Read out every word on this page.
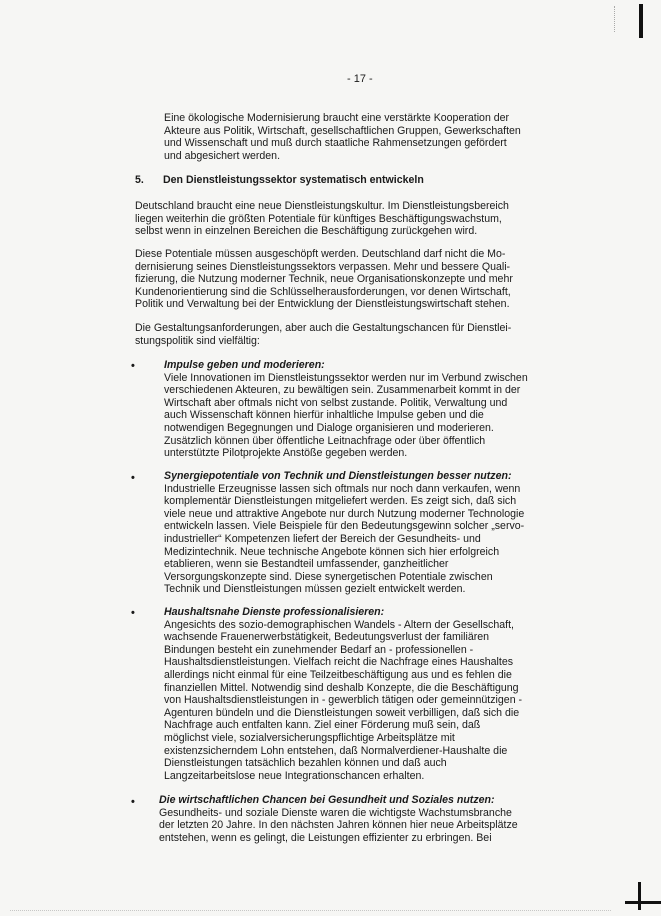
- 17 -
Eine ökologische Modernisierung braucht eine verstärkte Kooperation der
Akteure aus Politik, Wirtschaft, gesellschaftlichen Gruppen, Gewerkschaften
und Wissenschaft und muß durch staatliche Rahmensetzungen gefördert
und abgesichert werden.
5. Den Dienstleistungssektor systematisch entwickeln
Deutschland braucht eine neue Dienstleistungskultur. Im Dienstleistungsbereich
liegen weiterhin die größten Potentiale für künftiges Beschäftigungswachstum,
selbst wenn in einzelnen Bereichen die Beschäftigung zurückgehen wird.
Diese Potentiale müssen ausgeschöpft werden. Deutschland darf nicht die Mo-
dernisierung seines Dienstleistungssektors verpassen. Mehr und bessere Quali-
fizierung, die Nutzung moderner Technik, neue Organisationskonzepte und mehr
Kundenorientierung sind die Schlüsselherausforderungen, vor denen Wirtschaft,
Politik und Verwaltung bei der Entwicklung der Dienstleistungswirtschaft stehen.
Die Gestaltungsanforderungen, aber auch die Gestaltungschancen für Dienstlei-
stungspolitik sind vielfältig:
•	Impulse geben und moderieren:
Viele Innovationen im Dienstleistungssektor werden nur im Verbund zwischen
verschiedenen Akteuren, zu bewältigen sein. Zusammenarbeit kommt in der
Wirtschaft aber oftmals nicht von selbst zustande. Politik, Verwaltung und
auch Wissenschaft können hierfür inhaltliche Impulse geben und die
notwendigen Begegnungen und Dialoge organisieren und moderieren.
Zusätzlich können über öffentliche Leitnachfrage oder über öffentlich
unterstützte Pilotprojekte Anstöße gegeben werden.
•	Synergiepotentiale von Technik und Dienstleistungen besser nutzen:
Industrielle Erzeugnisse lassen sich oftmals nur noch dann verkaufen, wenn
komplementär Dienstleistungen mitgeliefert werden. Es zeigt sich, daß sich
viele neue und attraktive Angebote nur durch Nutzung moderner Technologie
entwickeln lassen. Viele Beispiele für den Bedeutungsgewinn solcher „servo-
industrieller“ Kompetenzen liefert der Bereich der Gesundheits- und
Medizintechnik. Neue technische Angebote können sich hier erfolgreich
etablieren, wenn sie Bestandteil umfassender, ganzheitlicher
Versorgungskonzepte sind. Diese synergetischen Potentiale zwischen
Technik und Dienstleistungen müssen gezielt entwickelt werden.
•	Haushaltsnahe Dienste professionalisieren:
Angesichts des sozio-demographischen Wandels - Altern der Gesellschaft,
wachsende Frauenerwerbstätigkeit, Bedeutungsverlust der familiären
Bindungen besteht ein zunehmender Bedarf an - professionellen -
Haushaltsdienstleistungen. Vielfach reicht die Nachfrage eines Haushaltes
allerdings nicht einmal für eine Teilzeitbeschäftigung aus und es fehlen die
finanziellen Mittel. Notwendig sind deshalb Konzepte, die die Beschäftigung
von Haushaltsdienstleistungen in - gewerblich tätigen oder gemeinnützigen -
Agenturen bündeln und die Dienstleistungen soweit verbilligen, daß sich die
Nachfrage auch entfalten kann. Ziel einer Förderung muß sein, daß
möglichst viele, sozialversicherungspflichtige Arbeitsplätze mit
existenzsicherndem Lohn entstehen, daß Normalverdiener-Haushalte die
Dienstleistungen tatsächlich bezahlen können und daß auch
Langzeitarbeitslose neue Integrationschancen erhalten.
• Die wirtschaftlichen Chancen bei Gesundheit und Soziales nutzen:
Gesundheits- und soziale Dienste waren die wichtigste Wachstumsbranche
der letzten 20 Jahre. In den nächsten Jahren können hier neue Arbeitsplätze
entstehen, wenn es gelingt, die Leistungen effizienter zu erbringen. Bei
